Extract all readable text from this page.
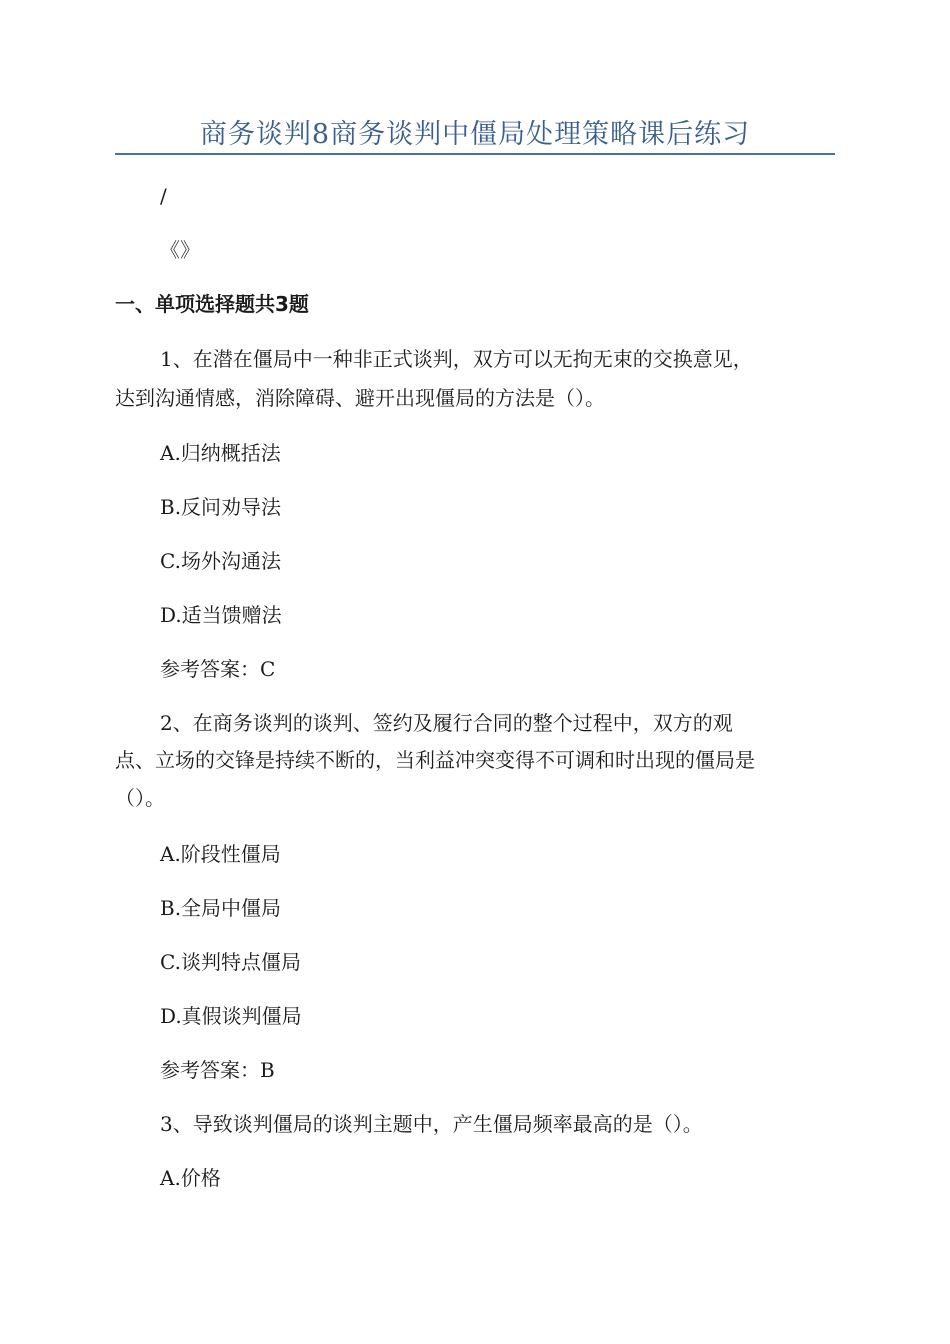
商务谈判8商务谈判中僵局处理策略课后练习
/
《》
一、单项选择题共3题
1、在潜在僵局中一种非正式谈判，双方可以无拘无束的交换意见，
达到沟通情感，消除障碍、避开出现僵局的方法是（）。
A.归纳概括法
B.反问劝导法
C.场外沟通法
D.适当馈赠法
参考答案：C
2、在商务谈判的谈判、签约及履行合同的整个过程中，双方的观
点、立场的交锋是持续不断的，当利益冲突变得不可调和时出现的僵局是
（）。
A.阶段性僵局
B.全局中僵局
C.谈判特点僵局
D.真假谈判僵局
参考答案：B
3、导致谈判僵局的谈判主题中，产生僵局频率最高的是（）。
A.价格
